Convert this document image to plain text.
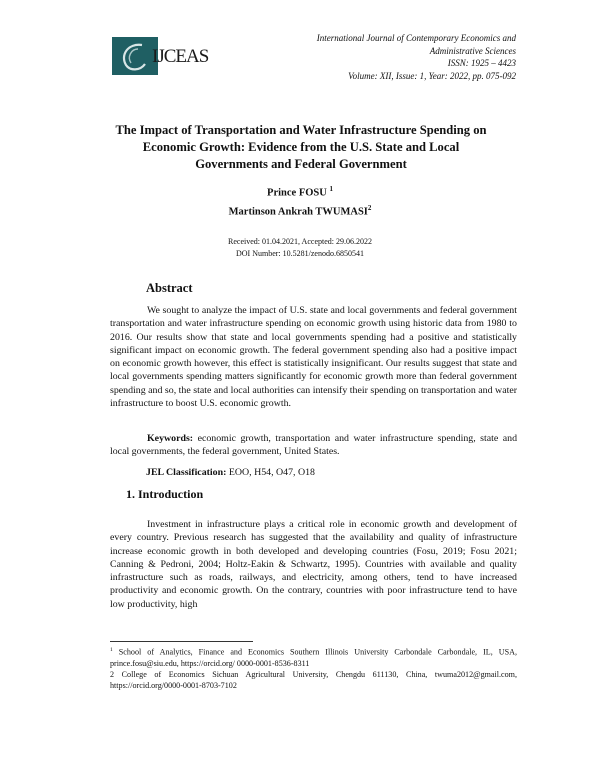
IJCEAS
International Journal of Contemporary Economics and
Administrative Sciences
ISSN: 1925 – 4423
Volume: XII, Issue: 1, Year: 2022, pp. 075-092
The Impact of Transportation and Water Infrastructure Spending on Economic Growth: Evidence from the U.S. State and Local Governments and Federal Government
Prince FOSU $^1$
Martinson Ankrah TWUMASI$^2$
Received: 01.04.2021, Accepted: 29.06.2022
DOI Number: 10.5281/zenodo.6850541
Abstract
We sought to analyze the impact of U.S. state and local governments and federal government transportation and water infrastructure spending on economic growth using historic data from 1980 to 2016. Our results show that state and local governments spending had a positive and statistically significant impact on economic growth. The federal government spending also had a positive impact on economic growth however, this effect is statistically insignificant. Our results suggest that state and local governments spending matters significantly for economic growth more than federal government spending and so, the state and local authorities can intensify their spending on transportation and water infrastructure to boost U.S. economic growth.
Keywords: economic growth, transportation and water infrastructure spending, state and local governments, the federal government, United States.
JEL Classification: EOO, H54, O47, O18
1. Introduction
Investment in infrastructure plays a critical role in economic growth and development of every country. Previous research has suggested that the availability and quality of infrastructure increase economic growth in both developed and developing countries (Fosu, 2019; Fosu 2021; Canning & Pedroni, 2004; Holtz-Eakin & Schwartz, 1995). Countries with available and quality infrastructure such as roads, railways, and electricity, among others, tend to have increased productivity and economic growth. On the contrary, countries with poor infrastructure tend to have low productivity, high
$^1$ School of Analytics, Finance and Economics Southern Illinois University Carbondale Carbondale, IL, USA, prince.fosu@siu.edu, https://orcid.org/ 0000-0001-8536-8311
2 College of Economics Sichuan Agricultural University, Chengdu 611130, China, twuma2012@gmail.com, https://orcid.org/0000-0001-8703-7102
